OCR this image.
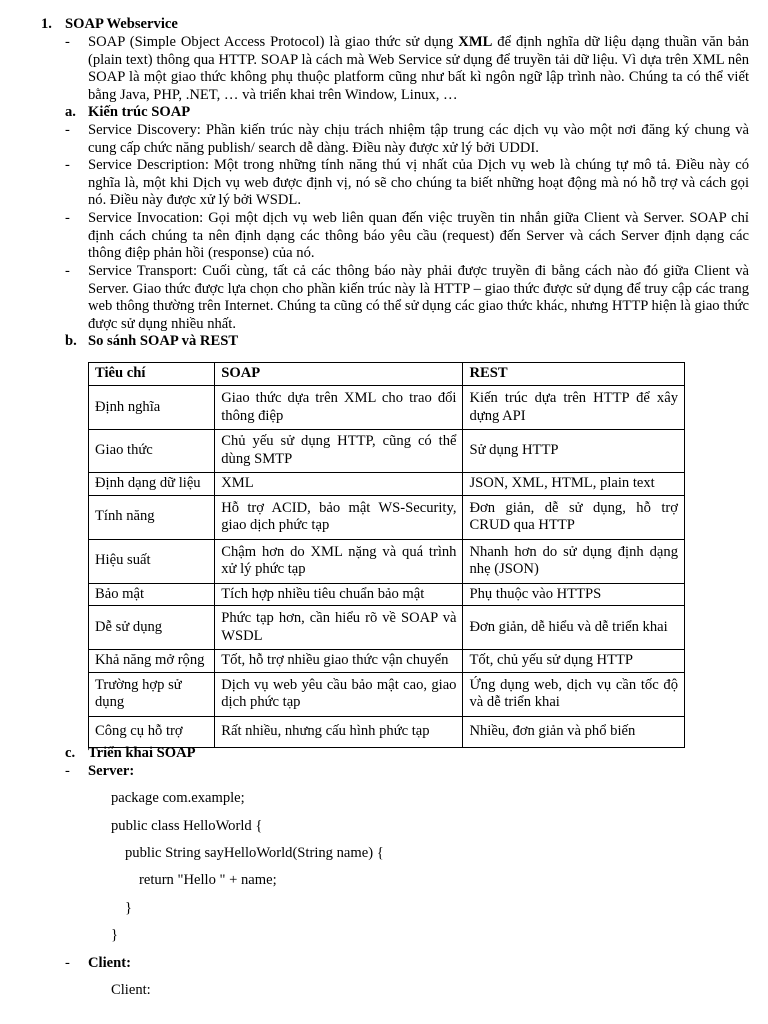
1. SOAP Webservice
- SOAP (Simple Object Access Protocol) là giao thức sử dụng XML để định nghĩa dữ liệu dạng thuần văn bản (plain text) thông qua HTTP. SOAP là cách mà Web Service sử dụng để truyền tải dữ liệu. Vì dựa trên XML nên SOAP là một giao thức không phụ thuộc platform cũng như bất kì ngôn ngữ lập trình nào. Chúng ta có thể viết bằng Java, PHP, .NET, … và triển khai trên Window, Linux, …
a. Kiến trúc SOAP
- Service Discovery: Phần kiến trúc này chịu trách nhiệm tập trung các dịch vụ vào một nơi đăng ký chung và cung cấp chức năng publish/ search dễ dàng. Điều này được xử lý bởi UDDI.
- Service Description: Một trong những tính năng thú vị nhất của Dịch vụ web là chúng tự mô tả. Điều này có nghĩa là, một khi Dịch vụ web được định vị, nó sẽ cho chúng ta biết những hoạt động mà nó hỗ trợ và cách gọi nó. Điều này được xử lý bởi WSDL.
- Service Invocation: Gọi một dịch vụ web liên quan đến việc truyền tin nhắn giữa Client và Server. SOAP chỉ định cách chúng ta nên định dạng các thông báo yêu cầu (request) đến Server và cách Server định dạng các thông điệp phản hồi (response) của nó.
- Service Transport: Cuối cùng, tất cả các thông báo này phải được truyền đi bằng cách nào đó giữa Client và Server. Giao thức được lựa chọn cho phần kiến trúc này là HTTP – giao thức được sử dụng để truy cập các trang web thông thường trên Internet. Chúng ta cũng có thể sử dụng các giao thức khác, nhưng HTTP hiện là giao thức được sử dụng nhiều nhất.
b. So sánh SOAP và REST
Tiêu chí	SOAP	REST
Định nghĩa	Giao thức dựa trên XML cho trao đổi thông điệp	Kiến trúc dựa trên HTTP để xây dựng API
Giao thức	Chủ yếu sử dụng HTTP, cũng có thể dùng SMTP	Sử dụng HTTP
Định dạng dữ liệu	XML	JSON, XML, HTML, plain text
Tính năng	Hỗ trợ ACID, bảo mật WS-Security, giao dịch phức tạp	Đơn giản, dễ sử dụng, hỗ trợ CRUD qua HTTP
Hiệu suất	Chậm hơn do XML nặng và quá trình xử lý phức tạp	Nhanh hơn do sử dụng định dạng nhẹ (JSON)
Bảo mật	Tích hợp nhiều tiêu chuẩn bảo mật	Phụ thuộc vào HTTPS
Dễ sử dụng	Phức tạp hơn, cần hiểu rõ về SOAP và WSDL	Đơn giản, dễ hiểu và dễ triển khai
Khả năng mở rộng	Tốt, hỗ trợ nhiều giao thức vận chuyển	Tốt, chủ yếu sử dụng HTTP
Trường hợp sử dụng	Dịch vụ web yêu cầu bảo mật cao, giao dịch phức tạp	Ứng dụng web, dịch vụ cần tốc độ và dễ triển khai
Công cụ hỗ trợ	Rất nhiều, nhưng cấu hình phức tạp	Nhiều, đơn giản và phổ biến
c. Triển khai SOAP
- Server:
package com.example;
public class HelloWorld {
public String sayHelloWorld(String name) {
return "Hello " + name;
}
}
- Client:
Client:
